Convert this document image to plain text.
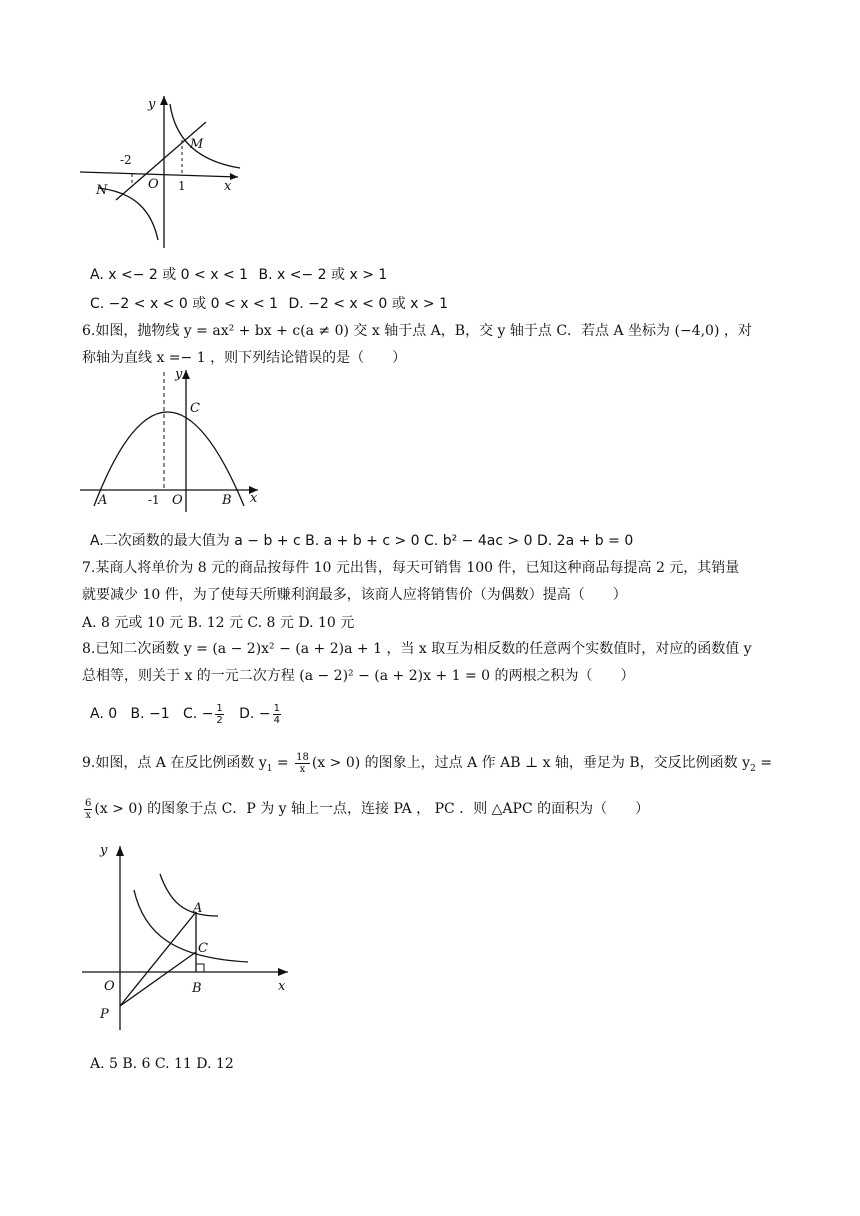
y
x
O
M
N
-2
1
A. x <− 2 或 0 < x < 1 B. x <− 2 或 x > 1
C. −2 < x < 0 或 0 < x < 1 D. −2 < x < 0 或 x > 1
6.如图，抛物线 y = ax² + bx + c(a ≠ 0) 交 x 轴于点 A，B，交 y 轴于点 C．若点 A 坐标为 (−4,0) ，对
称轴为直线 x =− 1 ，则下列结论错误的是（　　）
y
x
A	B
C
O
-1
A.二次函数的最大值为 a − b + c B. a + b + c > 0 C. b² − 4ac > 0 D. 2a + b = 0
7.某商人将单价为 8 元的商品按每件 10 元出售，每天可销售 100 件，已知这种商品每提高 2 元，其销量
就要减少 10 件，为了使每天所赚利润最多，该商人应将销售价（为偶数）提高（　　）
A. 8 元或 10 元 B. 12 元 C. 8 元 D. 10 元
8.已知二次函数 y = (a − 2)x² − (a + 2)a + 1 ，当 x 取互为相反数的任意两个实数值时，对应的函数值 y
总相等，则关于 x 的一元二次方程 (a − 2)² − (a + 2)x + 1 = 0 的两根之积为（　　）
A. 0 B. −1 C. − $\frac{1}{2} D$. − $\frac{1}{4}$
9.如图，点 A 在反比例函数 $y_1 = \frac{18}{x} (x > 0)$ 的图象上，过点 A 作 AB ⊥ x 轴，垂足为 B，交反比例函数 $y_2$ =
$\frac{6}{x} (x > 0)$ 的图象于点 C．P 为 y 轴上一点，连接 PA ， PC ．则 △APC 的面积为（　　）
y
x
A
B
C
O
P
A. 5 B. 6 C. 11 D. 12
